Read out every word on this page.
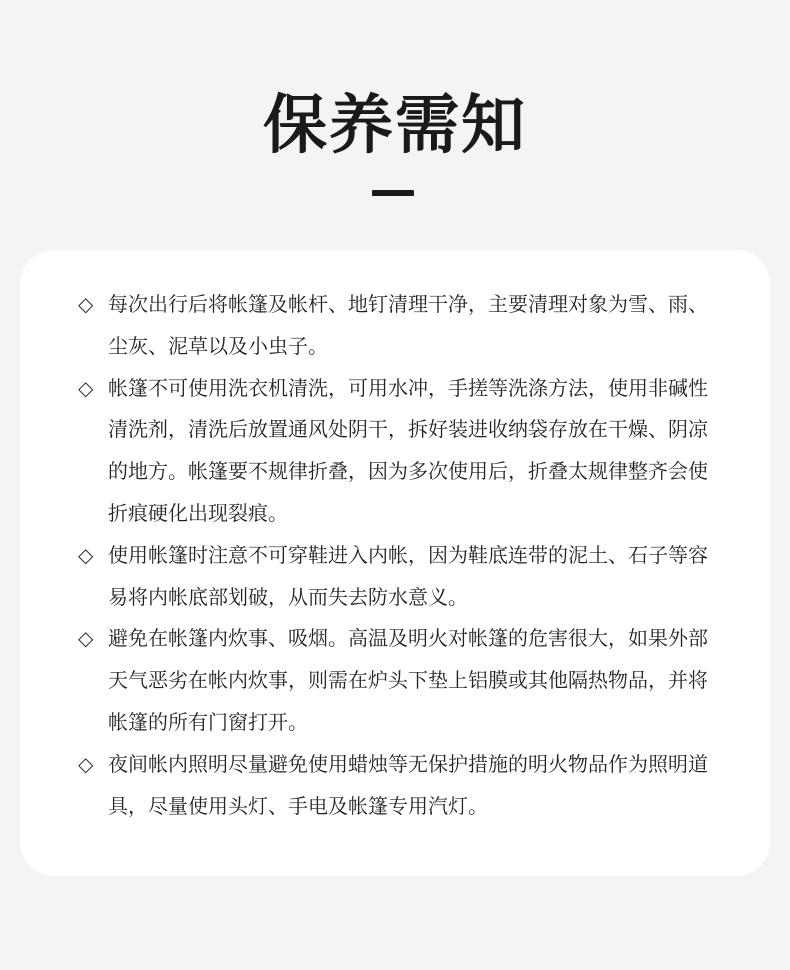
保养需知
◇ 每次出行后将帐篷及帐杆、地钉清理干净，主要清理对象为雪、雨、尘灰、泥草以及小虫子。
◇ 帐篷不可使用洗衣机清洗，可用水冲，手搓等洗涤方法，使用非碱性清洗剂，清洗后放置通风处阴干，拆好装进收纳袋存放在干燥、阴凉的地方。帐篷要不规律折叠，因为多次使用后，折叠太规律整齐会使折痕硬化出现裂痕。
◇ 使用帐篷时注意不可穿鞋进入内帐，因为鞋底连带的泥土、石子等容易将内帐底部划破，从而失去防水意义。
◇ 避免在帐篷内炊事、吸烟。高温及明火对帐篷的危害很大，如果外部天气恶劣在帐内炊事，则需在炉头下垫上铝膜或其他隔热物品，并将帐篷的所有门窗打开。
◇ 夜间帐内照明尽量避免使用蜡烛等无保护措施的明火物品作为照明道具，尽量使用头灯、手电及帐篷专用汽灯。
